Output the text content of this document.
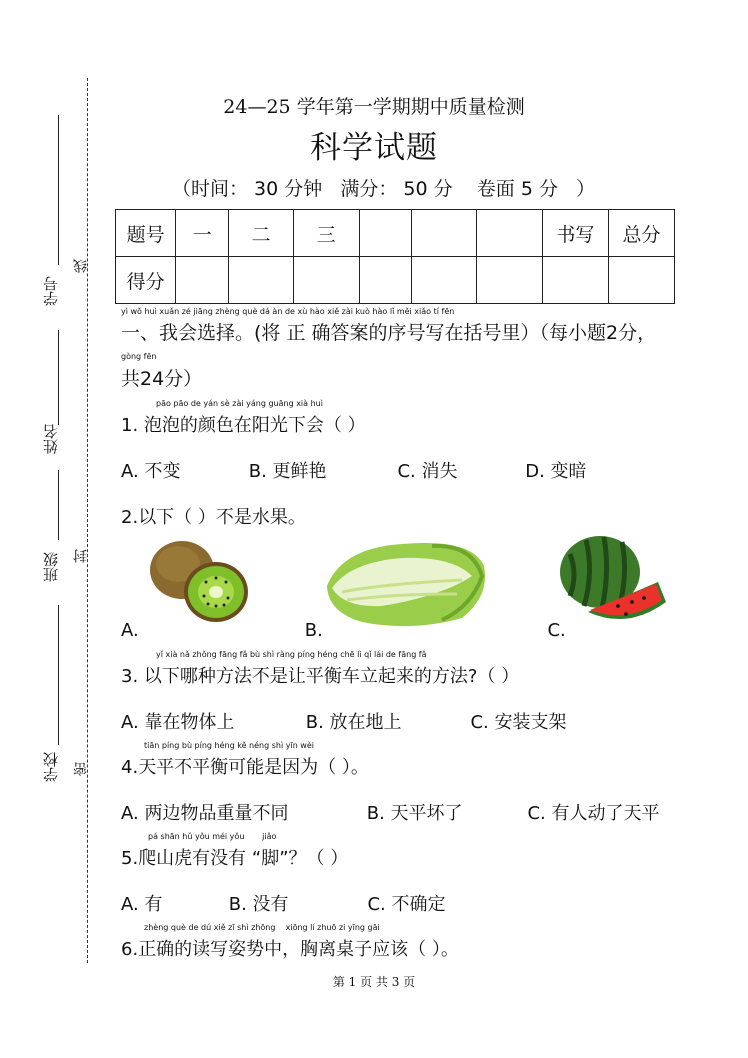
学号
姓名
班级
学校
线
封
密
24—25 学年第一学期期中质量检测
科学试题
（时间： 30 分钟   满分： 50 分    卷面 5 分   ）
题号	一	二	三				书写	总分
得分								
yì wǒ huì xuǎn zé jiāng zhèng què dá àn de xù hào xiě zài kuò hào lǐ měi xiǎo tí fēn
一、我会选择。(将 正 确答案的序号写在括号里）（每小题2分，
gòng fēn
共24分）
pāo pāo de yán sè zài yáng guāng xià huì
1. 泡泡的颜色在阳光下会（ ）
A. 不变	B. 更鲜艳	C. 消失	D. 变暗
2.以下（ ）不是水果。
A.	B.	C.
yǐ xià nǎ zhǒng fāng fǎ bù shì ràng píng héng chē lì qǐ lái de fāng fǎ
3. 以下哪种方法不是让平衡车立起来的方法?（ ）
A. 靠在物体上	B. 放在地上	C. 安装支架
tiān píng bù píng héng kě néng shì yīn wèi
4.天平不平衡可能是因为（ ）。
A. 两边物品重量不同	B. 天平坏了	C. 有人动了天平
pá shān hǔ yǒu méi yǒu       jiǎo
5.爬山虎有没有 “脚”？（ ）
A. 有	B. 没有	C. 不确定
zhèng què de dú xiě zī shì zhōng    xiōng lí zhuō zi yīng gāi
6.正确的读写姿势中，胸离桌子应该（ ）。
第 1 页 共 3 页
